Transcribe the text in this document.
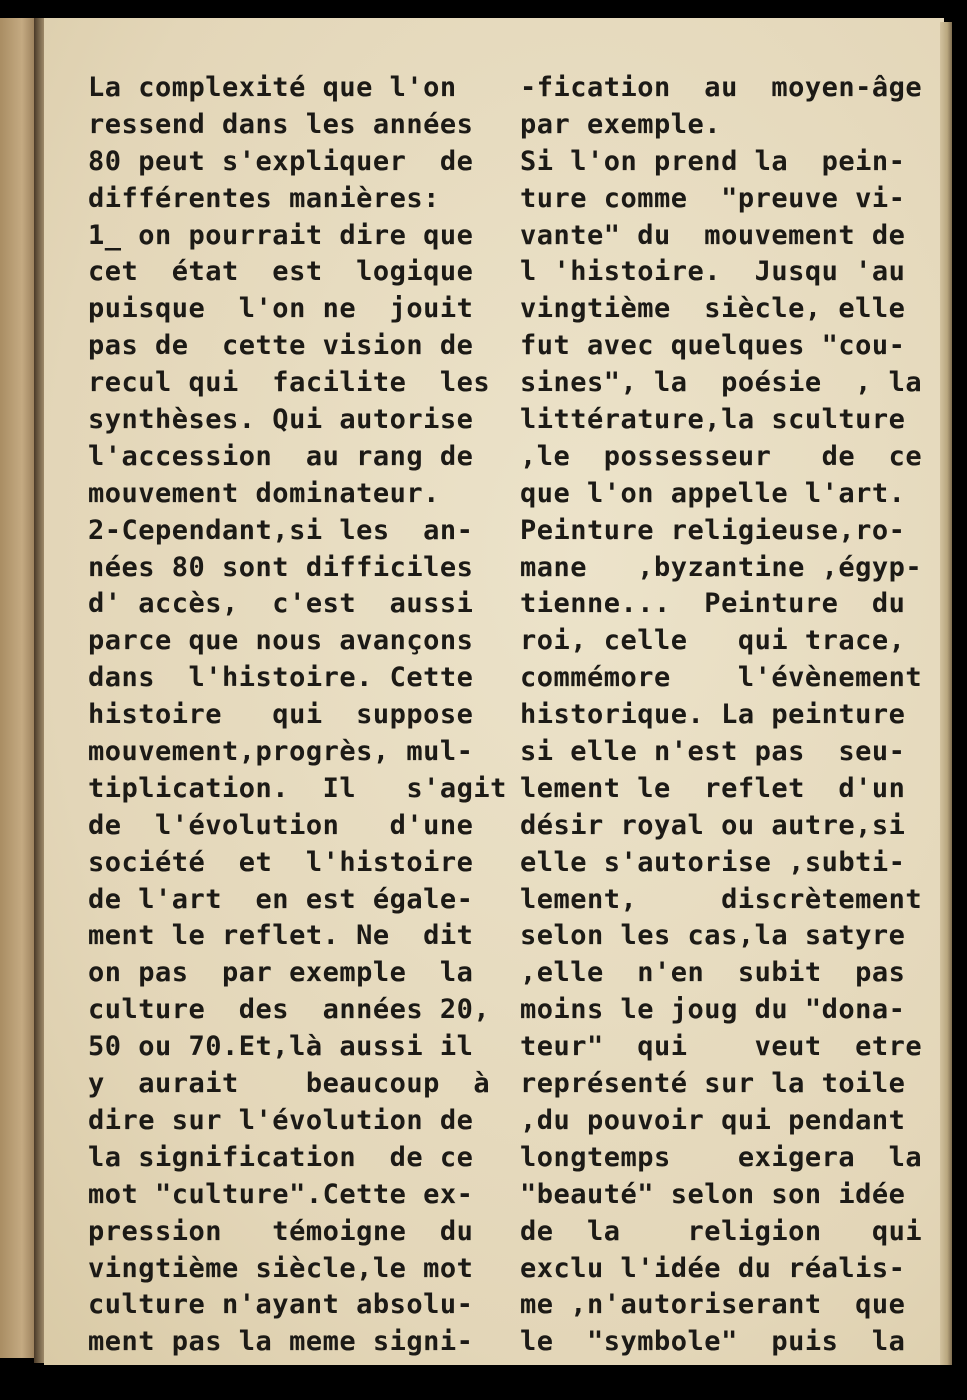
La complexité que l'on
ressend dans les années
80 peut s'expliquer  de
différentes manières:
1_ on pourrait dire que
cet  état  est  logique
puisque  l'on ne  jouit
pas de  cette vision de
recul qui  facilite  les
synthèses. Qui autorise
l'accession  au rang de
mouvement dominateur.
2-Cependant,si les  an-
nées 80 sont difficiles
d' accès,  c'est  aussi
parce que nous avançons
dans  l'histoire. Cette
histoire   qui  suppose
mouvement,progrès, mul-
tiplication.  Il   s'agit
de  l'évolution   d'une
société  et  l'histoire
de l'art  en est égale-
ment le reflet. Ne  dit
on pas  par exemple  la
culture  des  années 20,
50 ou 70.Et,là aussi il
y  aurait    beaucoup  à
dire sur l'évolution de
la signification  de ce
mot "culture".Cette ex-
pression   témoigne  du
vingtième siècle,le mot
culture n'ayant absolu-
ment pas la meme signi-
-fication  au  moyen-âge
par exemple.
Si l'on prend la  pein-
ture comme  "preuve vi-
vante" du  mouvement de
l 'histoire.  Jusqu 'au
vingtième  siècle, elle
fut avec quelques "cou-
sines", la  poésie  , la
littérature,la sculture
,le  possesseur   de  ce
que l'on appelle l'art.
Peinture religieuse,ro-
mane   ,byzantine ,égyp-
tienne...  Peinture  du
roi, celle   qui trace,
commémore    l'évènement
historique. La peinture
si elle n'est pas  seu-
lement le  reflet  d'un
désir royal ou autre,si
elle s'autorise ,subti-
lement,     discrètement
selon les cas,la satyre
,elle  n'en  subit  pas
moins le joug du "dona-
teur"  qui    veut  etre
représenté sur la toile
,du pouvoir qui pendant
longtemps    exigera  la
"beauté" selon son idée
de  la    religion   qui
exclu l'idée du réalis-
me ,n'autoriserant  que
le  "symbole"  puis  la
